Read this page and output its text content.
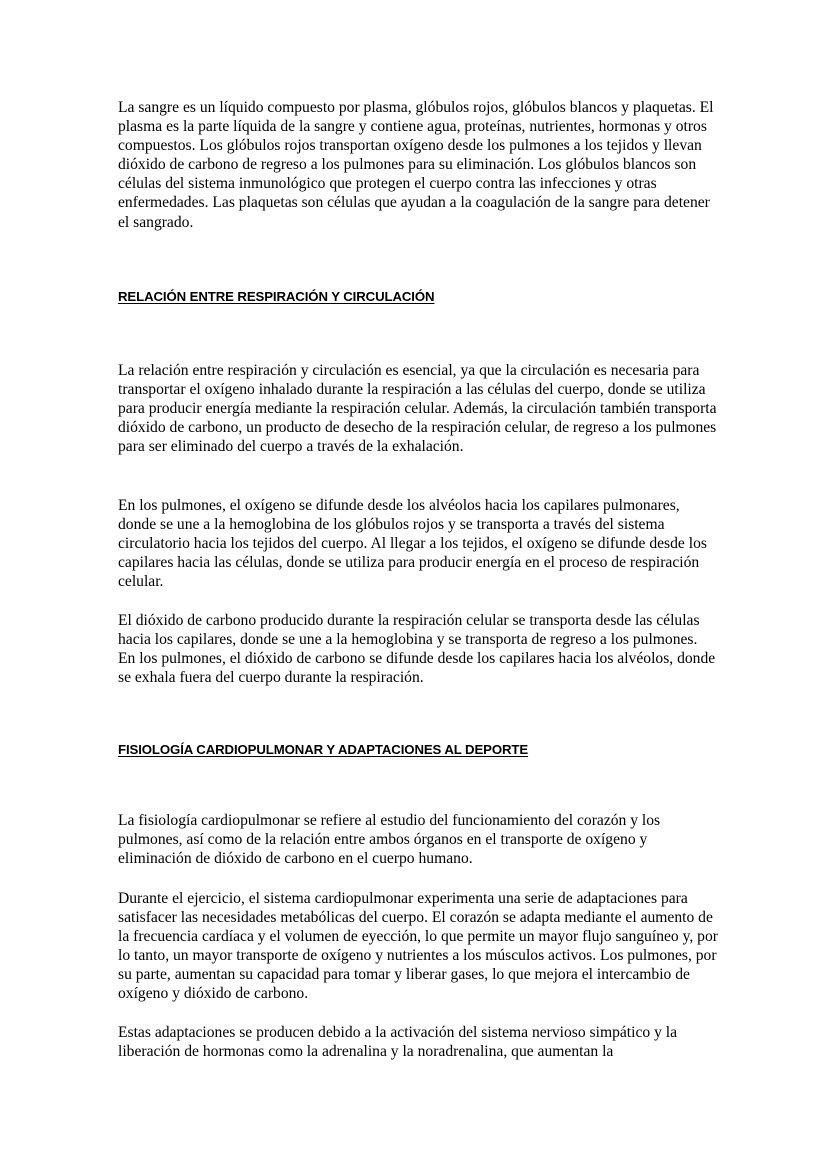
La sangre es un líquido compuesto por plasma, glóbulos rojos, glóbulos blancos y plaquetas. El plasma es la parte líquida de la sangre y contiene agua, proteínas, nutrientes, hormonas y otros compuestos. Los glóbulos rojos transportan oxígeno desde los pulmones a los tejidos y llevan dióxido de carbono de regreso a los pulmones para su eliminación. Los glóbulos blancos son células del sistema inmunológico que protegen el cuerpo contra las infecciones y otras enfermedades. Las plaquetas son células que ayudan a la coagulación de la sangre para detener el sangrado.

RELACIÓN ENTRE RESPIRACIÓN Y CIRCULACIÓN

La relación entre respiración y circulación es esencial, ya que la circulación es necesaria para transportar el oxígeno inhalado durante la respiración a las células del cuerpo, donde se utiliza para producir energía mediante la respiración celular. Además, la circulación también transporta dióxido de carbono, un producto de desecho de la respiración celular, de regreso a los pulmones para ser eliminado del cuerpo a través de la exhalación.

En los pulmones, el oxígeno se difunde desde los alvéolos hacia los capilares pulmonares, donde se une a la hemoglobina de los glóbulos rojos y se transporta a través del sistema circulatorio hacia los tejidos del cuerpo. Al llegar a los tejidos, el oxígeno se difunde desde los capilares hacia las células, donde se utiliza para producir energía en el proceso de respiración celular.

El dióxido de carbono producido durante la respiración celular se transporta desde las células hacia los capilares, donde se une a la hemoglobina y se transporta de regreso a los pulmones. En los pulmones, el dióxido de carbono se difunde desde los capilares hacia los alvéolos, donde se exhala fuera del cuerpo durante la respiración.

FISIOLOGÍA CARDIOPULMONAR Y ADAPTACIONES AL DEPORTE

La fisiología cardiopulmonar se refiere al estudio del funcionamiento del corazón y los pulmones, así como de la relación entre ambos órganos en el transporte de oxígeno y eliminación de dióxido de carbono en el cuerpo humano.

Durante el ejercicio, el sistema cardiopulmonar experimenta una serie de adaptaciones para satisfacer las necesidades metabólicas del cuerpo. El corazón se adapta mediante el aumento de la frecuencia cardíaca y el volumen de eyección, lo que permite un mayor flujo sanguíneo y, por lo tanto, un mayor transporte de oxígeno y nutrientes a los músculos activos. Los pulmones, por su parte, aumentan su capacidad para tomar y liberar gases, lo que mejora el intercambio de oxígeno y dióxido de carbono.

Estas adaptaciones se producen debido a la activación del sistema nervioso simpático y la liberación de hormonas como la adrenalina y la noradrenalina, que aumentan la
